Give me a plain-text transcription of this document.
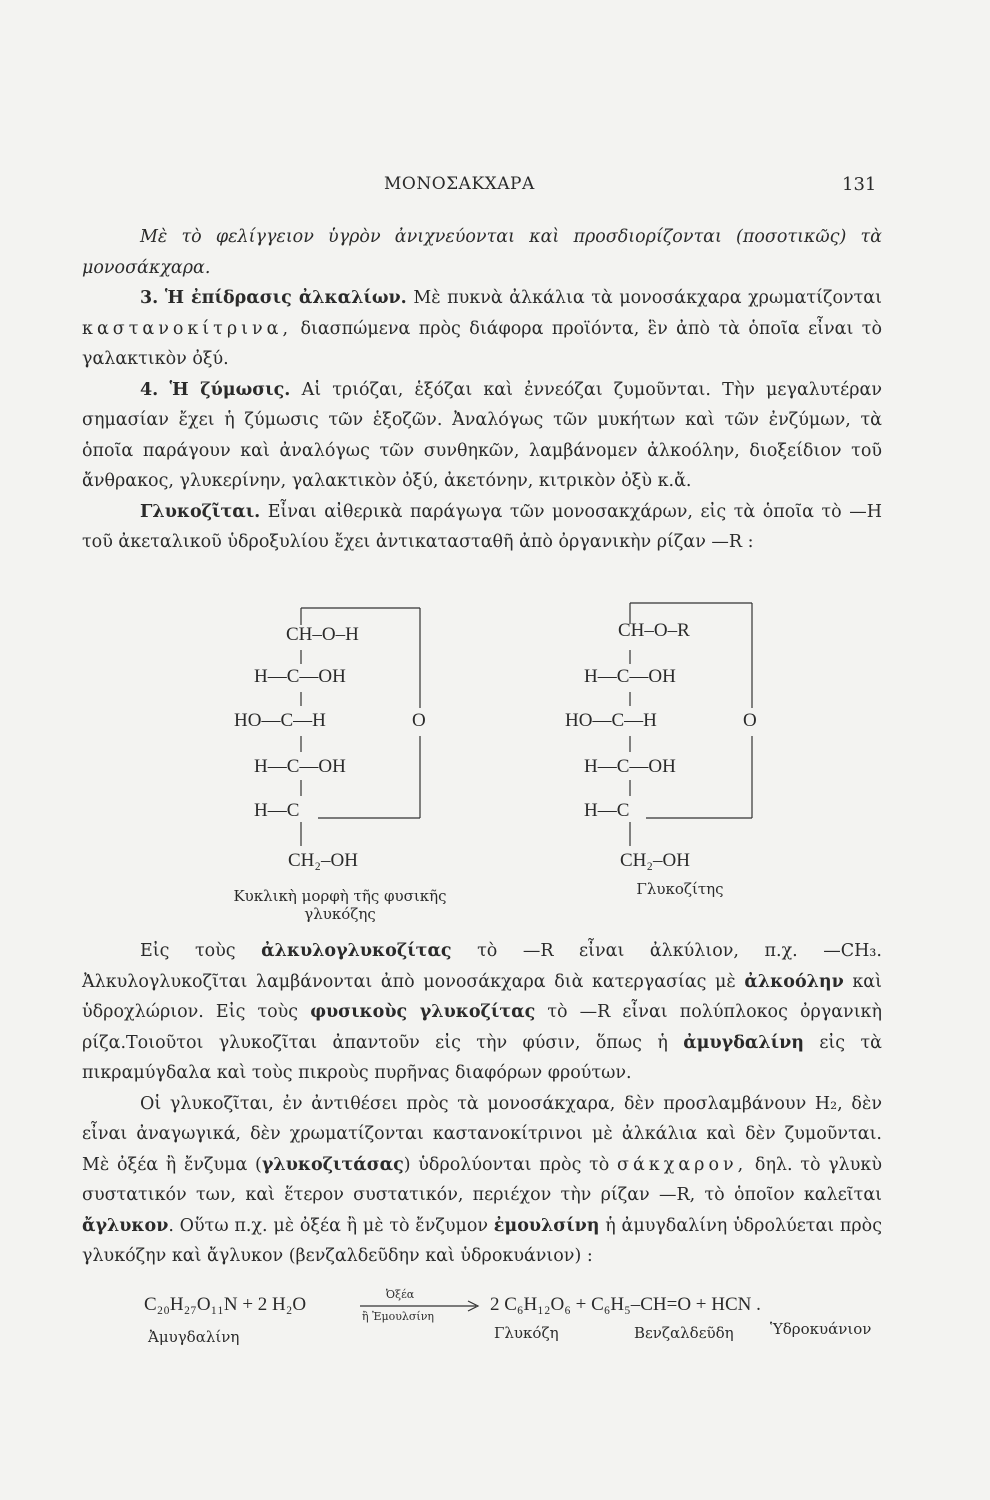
ΜΟΝΟΣΑΚΧΑΡΑ	131

Μὲ τὸ φελίγγειον ὑγρὸν ἀνιχνεύονται καὶ προσδιορίζονται (ποσοτικῶς) τὰ μονοσάκχαρα.

3. Ἡ ἐπίδρασις ἀλκαλίων. Μὲ πυκνὰ ἀλκάλια τὰ μονοσάκχαρα χρωματίζονται καστανοκίτρινα, διασπώμενα πρὸς διάφορα προϊόντα, ἓν ἀπὸ τὰ ὁποῖα εἶναι τὸ γαλακτικὸν ὀξύ.

4. Ἡ ζύμωσις. Αἱ τριόζαι, ἑξόζαι καὶ ἐννεόζαι ζυμοῦνται. Τὴν μεγαλυτέραν σημασίαν ἔχει ἡ ζύμωσις τῶν ἑξοζῶν. Ἀναλόγως τῶν μυκήτων καὶ τῶν ἐνζύμων, τὰ ὁποῖα παράγουν καὶ ἀναλόγως τῶν συνθηκῶν, λαμβάνομεν ἀλκοόλην, διοξείδιον τοῦ ἄνθρακος, γλυκερίνην, γαλακτικὸν ὀξύ, ἀκετόνην, κιτρικὸν ὀξὺ κ.ἄ.

Γλυκοζῖται. Εἶναι αἰθερικὰ παράγωγα τῶν μονοσακχάρων, εἰς τὰ ὁποῖα τὸ —Η τοῦ ἀκεταλικοῦ ὑδροξυλίου ἔχει ἀντικατασταθῆ ἀπὸ ὀργανικὴν ρίζαν —R :

CH–O–H
H—C—OH
HO—C—H
H—C—OH
H—C
O
CH₂–OH
Κυκλικὴ μορφὴ τῆς φυσικῆς
γλυκόζης
CH–O–R
H—C—OH
HO—C—H
H—C—OH
H—C
O
CH₂–OH
Γλυκοζίτης

Εἰς τοὺς ἀλκυλογλυκοζίτας τὸ —R εἶναι ἀλκύλιον, π.χ. —CH₃. Ἀλκυλογλυκοζῖται λαμβάνονται ἀπὸ μονοσάκχαρα διὰ κατεργασίας μὲ ἀλκοόλην καὶ ὑδροχλώριον. Εἰς τοὺς φυσικοὺς γλυκοζίτας τὸ —R εἶναι πολύπλοκος ὀργανικὴ ρίζα.Τοιοῦτοι γλυκοζῖται ἀπαντοῦν εἰς τὴν φύσιν, ὅπως ἡ ἀμυγδαλίνη εἰς τὰ πικραμύγδαλα καὶ τοὺς πικροὺς πυρῆνας διαφόρων φρούτων.

Οἱ γλυκοζῖται, ἐν ἀντιθέσει πρὸς τὰ μονοσάκχαρα, δὲν προσλαμβάνουν Η₂, δὲν εἶναι ἀναγωγικά, δὲν χρωματίζονται καστανοκίτρινοι μὲ ἀλκάλια καὶ δὲν ζυμοῦνται. Μὲ ὀξέα ἢ ἔνζυμα (γλυκοζιτάσας) ὑδρολύονται πρὸς τὸ σάκχαρον, δηλ. τὸ γλυκὺ συστατικόν των, καὶ ἕτερον συστατικόν, περιέχον τὴν ρίζαν —R, τὸ ὁποῖον καλεῖται ἄγλυκον. Οὕτω π.χ. μὲ ὀξέα ἢ μὲ τὸ ἔνζυμον ἐμουλσίνη ἡ ἀμυγδαλίνη ὑδρολύεται πρὸς γλυκόζην καὶ ἄγλυκον (βενζαλδεῦδην καὶ ὑδροκυάνιον) :

C₂₀H₂₇O₁₁N + 2 H₂O	Ὀξέα
ἢ Ἐμουλσίνη
2 C₆H₁₂O₆ + C₆H₅–CH=O + HCN .
Ἀμυγδαλίνη	Γλυκόζη	Βενζαλδεῦδη Ὑδροκυάνιον
